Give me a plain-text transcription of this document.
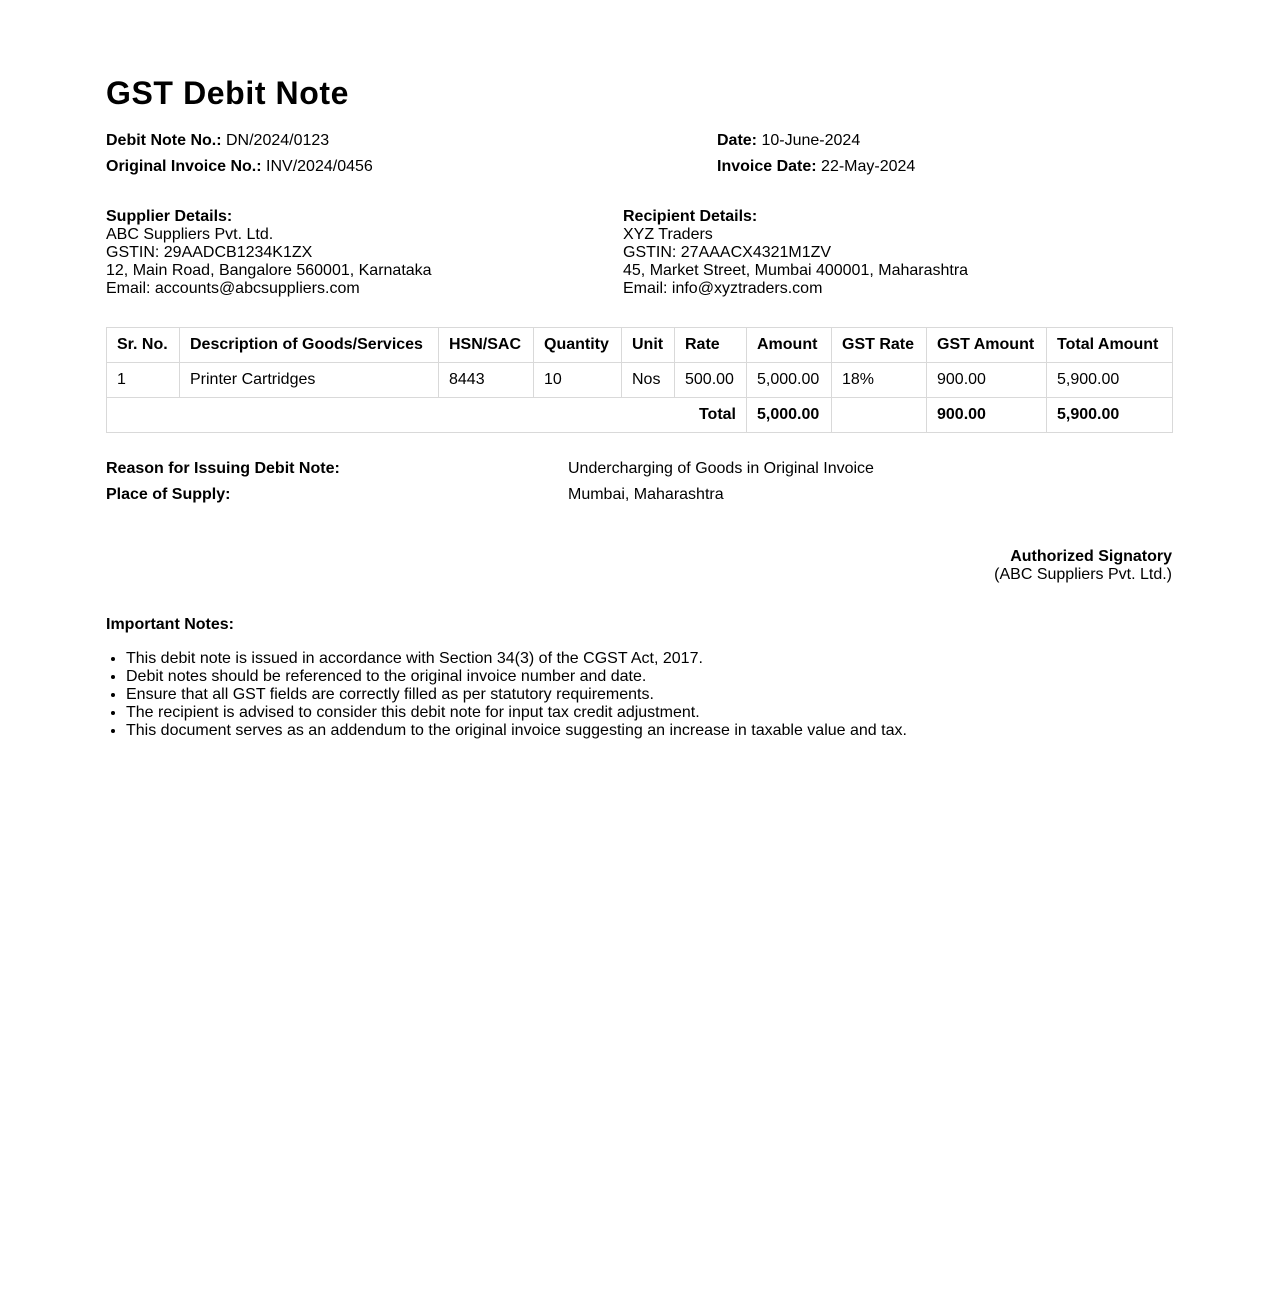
GST Debit Note
Debit Note No.: DN/2024/0123	Date: 10-June-2024
Original Invoice No.: INV/2024/0456	Invoice Date: 22-May-2024
Supplier Details:
ABC Suppliers Pvt. Ltd.
GSTIN: 29AADCB1234K1ZX
12, Main Road, Bangalore 560001, Karnataka
Email: accounts@abcsuppliers.com
Recipient Details:
XYZ Traders
GSTIN: 27AAACX4321M1ZV
45, Market Street, Mumbai 400001, Maharashtra
Email: info@xyztraders.com
Sr. No.	Description of Goods/Services	HSN/SAC	Quantity	Unit	Rate	Amount	GST Rate	GST Amount	Total Amount
1	Printer Cartridges	8443	10	Nos	500.00	5,000.00	18%	900.00	5,900.00
Total						5,000.00		900.00	5,900.00
Reason for Issuing Debit Note:	Undercharging of Goods in Original Invoice
Place of Supply:	Mumbai, Maharashtra
Authorized Signatory
(ABC Suppliers Pvt. Ltd.)
Important Notes:
• This debit note is issued in accordance with Section 34(3) of the CGST Act, 2017.
• Debit notes should be referenced to the original invoice number and date.
• Ensure that all GST fields are correctly filled as per statutory requirements.
• The recipient is advised to consider this debit note for input tax credit adjustment.
• This document serves as an addendum to the original invoice suggesting an increase in taxable value and tax.
